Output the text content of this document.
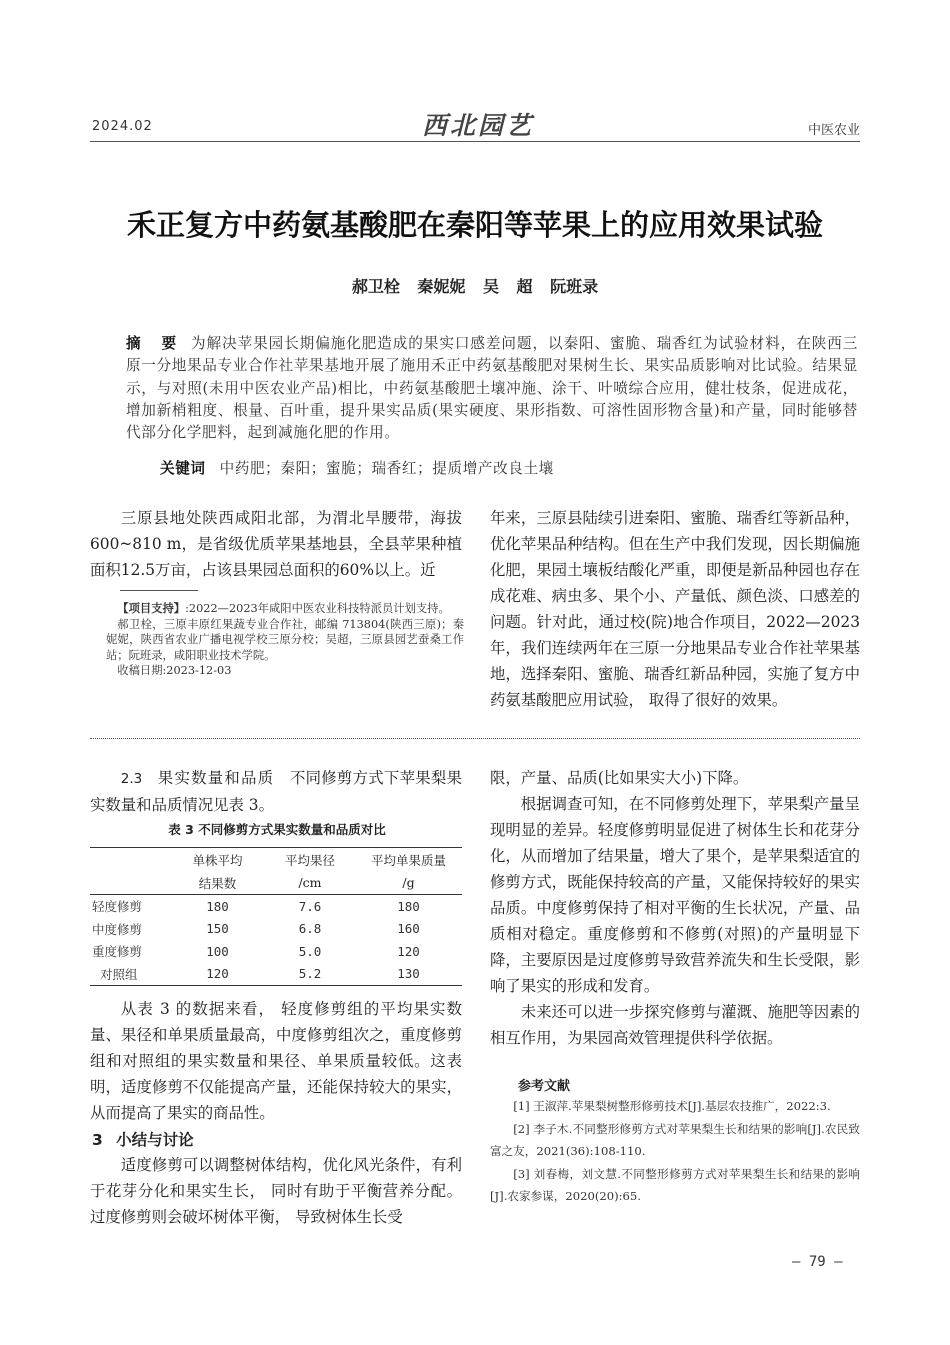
2024.02	西北园艺	中医农业
禾正复方中药氨基酸肥在秦阳等苹果上的应用效果试验
郝卫栓 秦妮妮 吴 超 阮班录
摘 要 为解决苹果园长期偏施化肥造成的果实口感差问题，以秦阳、蜜脆、瑞香红为试验材料，在陕西三原一分地果品专业合作社苹果基地开展了施用禾正中药氨基酸肥对果树生长、果实品质影响对比试验。结果显示，与对照(未用中医农业产品)相比，中药氨基酸肥土壤冲施、涂干、叶喷综合应用，健壮枝条，促进成花，增加新梢粗度、根量、百叶重，提升果实品质(果实硬度、果形指数、可溶性固形物含量)和产量，同时能够替代部分化学肥料，起到减施化肥的作用。
关键词 中药肥；秦阳；蜜脆；瑞香红；提质增产改良土壤

三原县地处陕西咸阳北部，为渭北旱腰带，海拔600~810 m，是省级优质苹果基地县，全县苹果种植面积12.5万亩，占该县果园总面积的60%以上。近

年来，三原县陆续引进秦阳、蜜脆、瑞香红等新品种，优化苹果品种结构。但在生产中我们发现，因长期偏施化肥，果园土壤板结酸化严重，即便是新品种园也存在成花难、病虫多、果个小、产量低、颜色淡、口感差的问题。针对此，通过校(院)地合作项目，2022—2023年，我们连续两年在三原一分地果品专业合作社苹果基地，选择秦阳、蜜脆、瑞香红新品种园，实施了复方中药氨基酸肥应用试验， 取得了很好的效果。

【项目支持】:2022—2023年咸阳中医农业科技特派员计划支持。

郝卫栓，三原丰原红果蔬专业合作社，邮编 713804(陕西三原)；秦妮妮，陕西省农业广播电视学校三原分校；吴超，三原县园艺蚕桑工作站；阮班录，咸阳职业技术学院。

收稿日期:2023-12-03

2.3 果实数量和品质 不同修剪方式下苹果梨果实数量和品质情况见表 3。

表 3 不同修剪方式果实数量和品质对比
	单株平均	平均果径	平均单果质量
	结果数	/cm	/g
轻度修剪	180	7.6	180
中度修剪	150	6.8	160
重度修剪	100	5.0	120
对照组	120	5.2	130

从表 3 的数据来看， 轻度修剪组的平均果实数量、果径和单果质量最高，中度修剪组次之，重度修剪组和对照组的果实数量和果径、单果质量较低。这表明，适度修剪不仅能提高产量，还能保持较大的果实，从而提高了果实的商品性。

3 小结与讨论

适度修剪可以调整树体结构，优化风光条件，有利于花芽分化和果实生长， 同时有助于平衡营养分配。过度修剪则会破坏树体平衡， 导致树体生长受

限，产量、品质(比如果实大小)下降。

根据调查可知，在不同修剪处理下，苹果梨产量呈现明显的差异。轻度修剪明显促进了树体生长和花芽分化，从而增加了结果量，增大了果个，是苹果梨适宜的修剪方式，既能保持较高的产量，又能保持较好的果实品质。中度修剪保持了相对平衡的生长状况，产量、品质相对稳定。重度修剪和不修剪(对照)的产量明显下降，主要原因是过度修剪导致营养流失和生长受限，影响了果实的形成和发育。

未来还可以进一步探究修剪与灌溉、施肥等因素的相互作用，为果园高效管理提供科学依据。

参考文献

[1] 王淑萍.苹果梨树整形修剪技术[J].基层农技推广，2022:3.

[2] 李子木.不同整形修剪方式对苹果梨生长和结果的影响[J].农民致富之友，2021(36):108-110.

[3] 刘春梅，刘文慧.不同整形修剪方式对苹果梨生长和结果的影响[J].农家参谋，2020(20):65.

— 79 —
